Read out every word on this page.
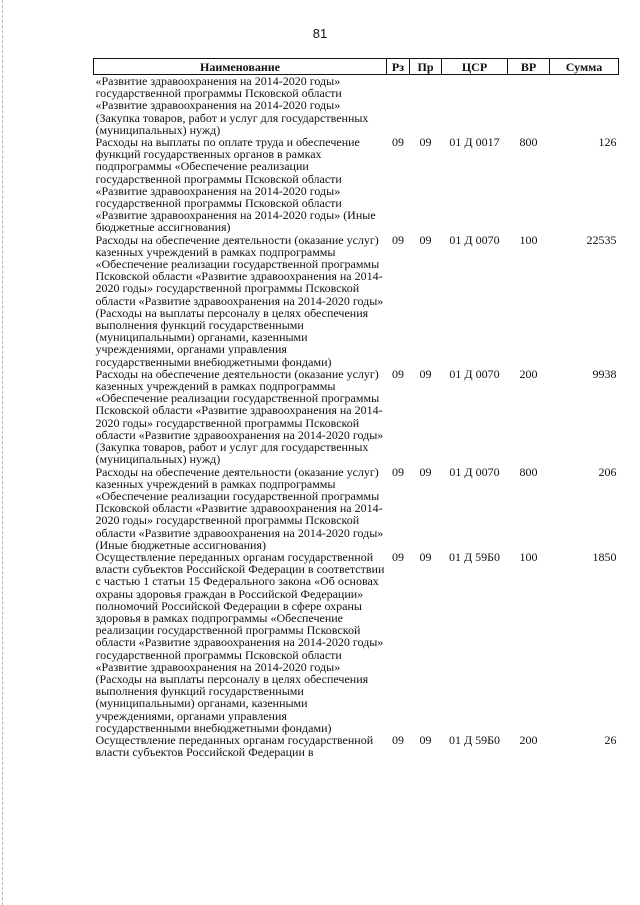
81
Наименование	Рз	Пр	ЦСР	ВР	Сумма
«Развитие здравоохранения на 2014-2020 годы» государственной программы Псковской области «Развитие здравоохранения на 2014-2020 годы» (Закупка товаров, работ и услуг для государственных (муниципальных) нужд)					
Расходы на выплаты по оплате труда и обеспечение функций государственных органов в рамках подпрограммы «Обеспечение реализации государственной программы Псковской области «Развитие здравоохранения на 2014-2020 годы» государственной программы Псковской области «Развитие здравоохранения на 2014-2020 годы» (Иные бюджетные ассигнования)	09	09	01 Д 0017	800	126
Расходы на обеспечение деятельности (оказание услуг) казенных учреждений в рамках подпрограммы «Обеспечение реализации государственной программы Псковской области «Развитие здравоохранения на 2014-2020 годы» государственной программы Псковской области «Развитие здравоохранения на 2014-2020 годы» (Расходы на выплаты персоналу в целях обеспечения выполнения функций государственными (муниципальными) органами, казенными учреждениями, органами управления государственными внебюджетными фондами)	09	09	01 Д 0070	100	22535
Расходы на обеспечение деятельности (оказание услуг) казенных учреждений в рамках подпрограммы «Обеспечение реализации государственной программы Псковской области «Развитие здравоохранения на 2014-2020 годы» государственной программы Псковской области «Развитие здравоохранения на 2014-2020 годы» (Закупка товаров, работ и услуг для государственных (муниципальных) нужд)	09	09	01 Д 0070	200	9938
Расходы на обеспечение деятельности (оказание услуг) казенных учреждений в рамках подпрограммы «Обеспечение реализации государственной программы Псковской области «Развитие здравоохранения на 2014-2020 годы» государственной программы Псковской области «Развитие здравоохранения на 2014-2020 годы» (Иные бюджетные ассигнования)	09	09	01 Д 0070	800	206
Осуществление переданных органам государственной власти субъектов Российской Федерации в соответствии с частью 1 статьи 15 Федерального закона «Об основах охраны здоровья граждан в Российской Федерации» полномочий Российской Федерации в сфере охраны здоровья в рамках подпрограммы «Обеспечение реализации государственной программы Псковской области «Развитие здравоохранения на 2014-2020 годы» государственной программы Псковской области «Развитие здравоохранения на 2014-2020 годы» (Расходы на выплаты персоналу в целях обеспечения выполнения функций государственными (муниципальными) органами, казенными учреждениями, органами управления государственными внебюджетными фондами)	09	09	01 Д 59Б0	100	1850
Осуществление переданных органам государственной власти субъектов Российской Федерации в	09	09	01 Д 59Б0	200	26
